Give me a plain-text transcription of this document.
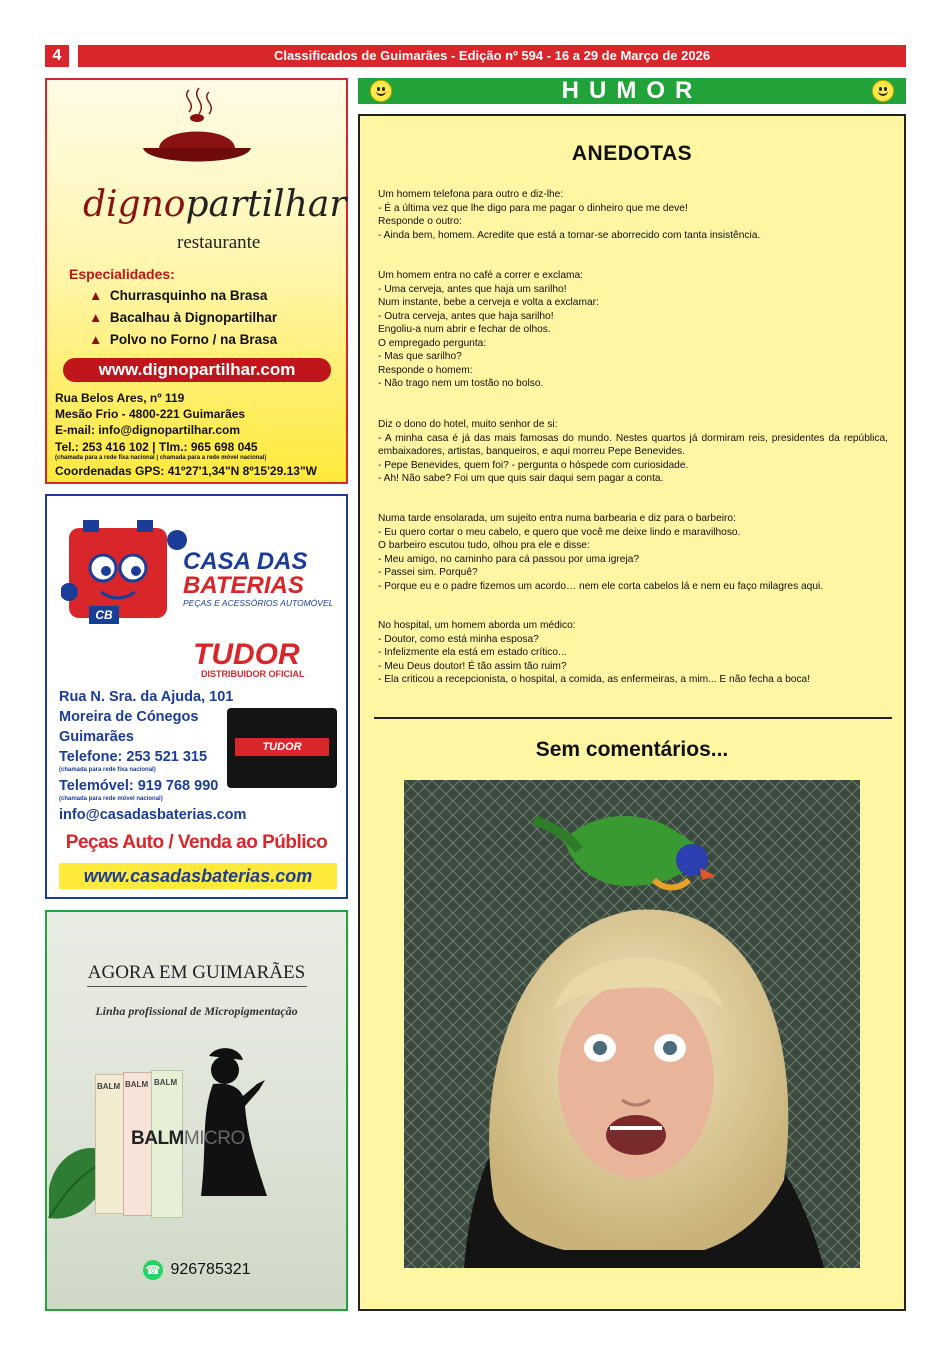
4	Classificados de Guimarães - Edição nº 594 - 16 a 29 de Março de 2026
HUMOR
dignopartilhar
restaurante
Especialidades:
▲ Churrasquinho na Brasa
▲ Bacalhau à Dignopartilhar
▲ Polvo no Forno / na Brasa
www.dignopartilhar.com
Rua Belos Ares, nº 119
Mesão Frio - 4800-221 Guimarães
E-mail: info@dignopartilhar.com
Tel.: 253 416 102 | Tlm.: 965 698 045
(chamada para a rede fixa nacional | chamada para a rede móvel nacional)
Coordenadas GPS: 41º27'1,34"N 8º15'29.13"W
CB
CASA DAS
BATERIAS
PEÇAS E ACESSÓRIOS AUTOMÓVEL
TUDOR
DISTRIBUIDOR OFICIAL
TUDOR
Rua N. Sra. da Ajuda, 101
Moreira de Cónegos
Guimarães
Telefone: 253 521 315
(chamada para rede fixa nacional)
Telemóvel: 919 768 990
(chamada para rede móvel nacional)
info@casadasbaterias.com
Peças Auto / Venda ao Público
www.casadasbaterias.com
AGORA EM GUIMARÃES
Linha profissional de Micropigmentação
BALM BALM BALM
BALMMICRO
☎ 926785321
ANEDOTAS

Um homem telefona para outro e diz-lhe:

- É a última vez que lhe digo para me pagar o dinheiro que me deve!

Responde o outro:

- Ainda bem, homem. Acredite que está a tornar-se aborrecido com tanta insistência.

Um homem entra no café a correr e exclama:

- Uma cerveja, antes que haja um sarilho!

Num instante, bebe a cerveja e volta a exclamar:

- Outra cerveja, antes que haja sarilho!

Engoliu-a num abrir e fechar de olhos.

O empregado pergunta:

- Mas que sarilho?

Responde o homem:

- Não trago nem um tostão no bolso.

Diz o dono do hotel, muito senhor de si:

- A minha casa é já das mais famosas do mundo. Nestes quartos já dormiram reis, presidentes da república, embaixadores, artistas, banqueiros, e aqui morreu Pepe Benevides.

- Pepe Benevides, quem foi? - pergunta o hóspede com curiosidade.

- Ah! Não sabe? Foi um que quis sair daqui sem pagar a conta.

Numa tarde ensolarada, um sujeito entra numa barbearia e diz para o barbeiro:

- Eu quero cortar o meu cabelo, e quero que você me deixe lindo e maravilhoso.

O barbeiro escutou tudo, olhou pra ele e disse:

- Meu amigo, no caminho para cá passou por uma igreja?

- Passei sim. Porquê?

- Porque eu e o padre fizemos um acordo… nem ele corta cabelos lá e nem eu faço milagres aqui.

No hospital, um homem aborda um médico:

- Doutor, como está minha esposa?

- Infelizmente ela está em estado crítico...

- Meu Deus doutor! É tão assim tão ruim?

- Ela criticou a recepcionista, o hospital, a comida, as enfermeiras, a mim... E não fecha a boca!

Sem comentários...
